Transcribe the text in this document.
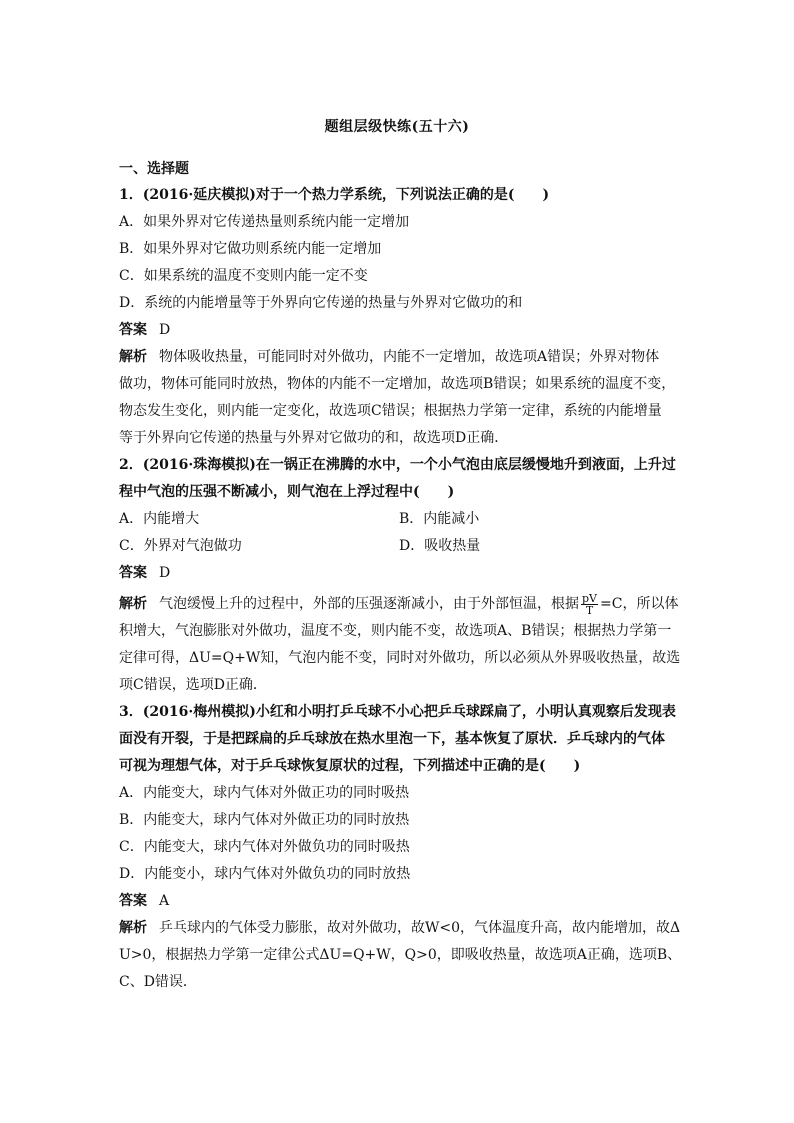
题组层级快练(五十六)
一、选择题
1．(2016·延庆模拟)对于一个热力学系统，下列说法正确的是(　　)
A．如果外界对它传递热量则系统内能一定增加
B．如果外界对它做功则系统内能一定增加
C．如果系统的温度不变则内能一定不变
D．系统的内能增量等于外界向它传递的热量与外界对它做功的和
答案 D
解析 物体吸收热量，可能同时对外做功，内能不一定增加，故选项A错误；外界对物体
做功，物体可能同时放热，物体的内能不一定增加，故选项B错误；如果系统的温度不变，
物态发生变化，则内能一定变化，故选项C错误；根据热力学第一定律，系统的内能增量
等于外界向它传递的热量与外界对它做功的和，故选项D正确．
2．(2016·珠海模拟)在一锅正在沸腾的水中，一个小气泡由底层缓慢地升到液面，上升过
程中气泡的压强不断减小，则气泡在上浮过程中(　　)
A．内能增大	B．内能减小
C．外界对气泡做功	D．吸收热量
答案 D
解析 气泡缓慢上升的过程中，外部的压强逐渐减小，由于外部恒温，根据 $\frac{pV}{T} =C$，所以体
积增大，气泡膨胀对外做功，温度不变，则内能不变，故选项A、B错误；根据热力学第一
定律可得，ΔU=Q+W知，气泡内能不变，同时对外做功，所以必须从外界吸收热量，故选
项C错误，选项D正确．
3．(2016·梅州模拟)小红和小明打乒乓球不小心把乒乓球踩扁了，小明认真观察后发现表
面没有开裂，于是把踩扁的乒乓球放在热水里泡一下，基本恢复了原状．乒乓球内的气体
可视为理想气体，对于乒乓球恢复原状的过程，下列描述中正确的是(　　)
A．内能变大，球内气体对外做正功的同时吸热
B．内能变大，球内气体对外做正功的同时放热
C．内能变大，球内气体对外做负功的同时吸热
D．内能变小，球内气体对外做负功的同时放热
答案 A
解析 乒乓球内的气体受力膨胀，故对外做功，故W<0，气体温度升高，故内能增加，故Δ
U>0，根据热力学第一定律公式ΔU=Q+W，Q>0，即吸收热量，故选项A正确，选项B、
C、D错误．
